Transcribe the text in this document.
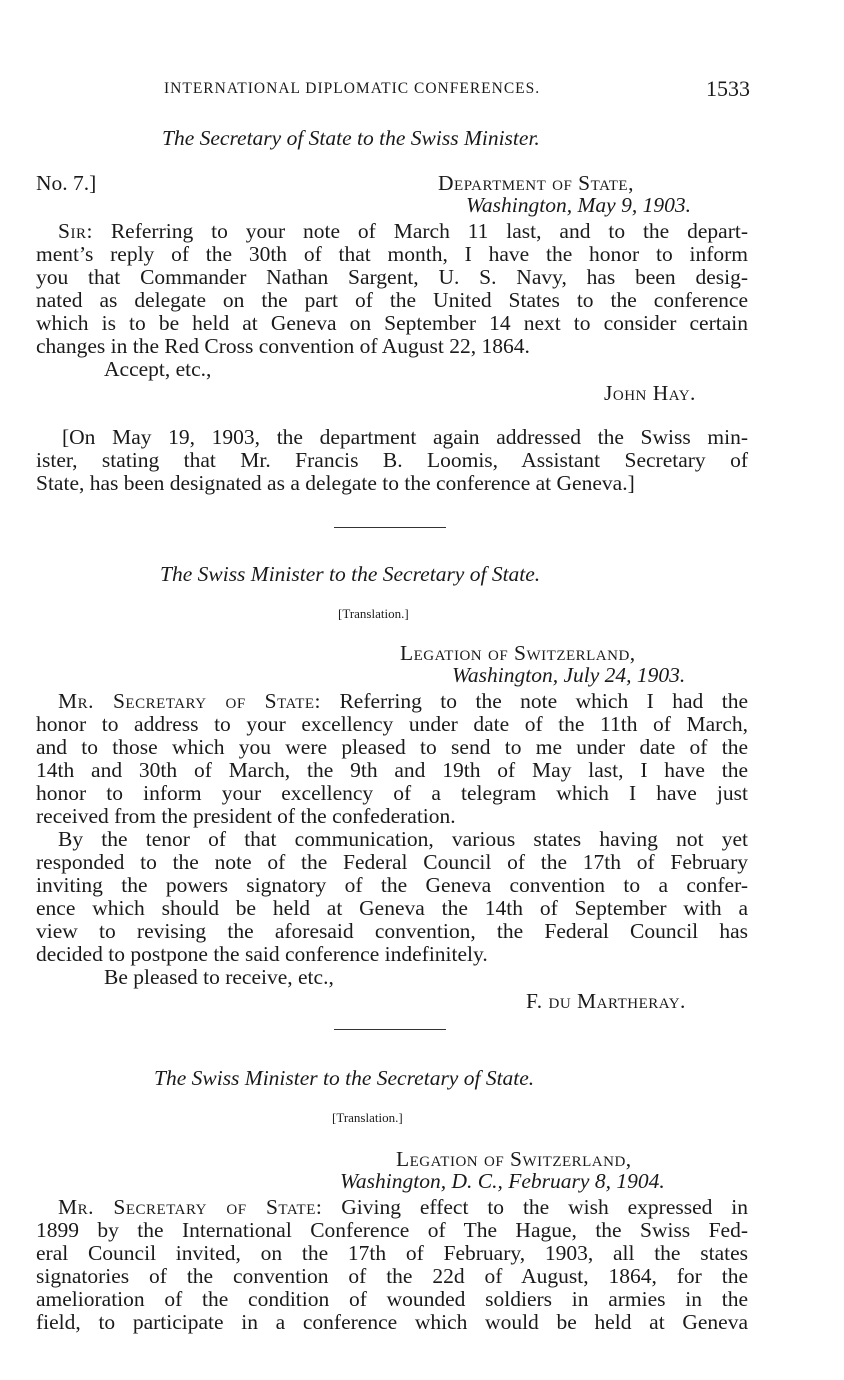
INTERNATIONAL DIPLOMATIC CONFERENCES.	1533
The Secretary of State to the Swiss Minister.
No. 7.]	Department of State,
Washington, May 9, 1903.
Sir: Referring to your note of March 11 last, and to the depart-
ment’s reply of the 30th of that month, I have the honor to inform
you that Commander Nathan Sargent, U. S. Navy, has been desig-
nated as delegate on the part of the United States to the conference
which is to be held at Geneva on September 14 next to consider certain
changes in the Red Cross convention of August 22, 1864.
Accept, etc.,
John Hay.
[On May 19, 1903, the department again addressed the Swiss min-
ister, stating that Mr. Francis B. Loomis, Assistant Secretary of
State, has been designated as a delegate to the conference at Geneva.]
The Swiss Minister to the Secretary of State.
[Translation.]
Legation of Switzerland,
Washington, July 24, 1903.
Mr. Secretary of State: Referring to the note which I had the
honor to address to your excellency under date of the 11th of March,
and to those which you were pleased to send to me under date of the
14th and 30th of March, the 9th and 19th of May last, I have the
honor to inform your excellency of a telegram which I have just
received from the president of the confederation.
By the tenor of that communication, various states having not yet
responded to the note of the Federal Council of the 17th of February
inviting the powers signatory of the Geneva convention to a confer-
ence which should be held at Geneva the 14th of September with a
view to revising the aforesaid convention, the Federal Council has
decided to postpone the said conference indefinitely.
Be pleased to receive, etc.,
F. du Martheray.
The Swiss Minister to the Secretary of State.
[Translation.]
Legation of Switzerland,
Washington, D. C., February 8, 1904.
Mr. Secretary of State: Giving effect to the wish expressed in
1899 by the International Conference of The Hague, the Swiss Fed-
eral Council invited, on the 17th of February, 1903, all the states
signatories of the convention of the 22d of August, 1864, for the
amelioration of the condition of wounded soldiers in armies in the
field, to participate in a conference which would be held at Geneva
